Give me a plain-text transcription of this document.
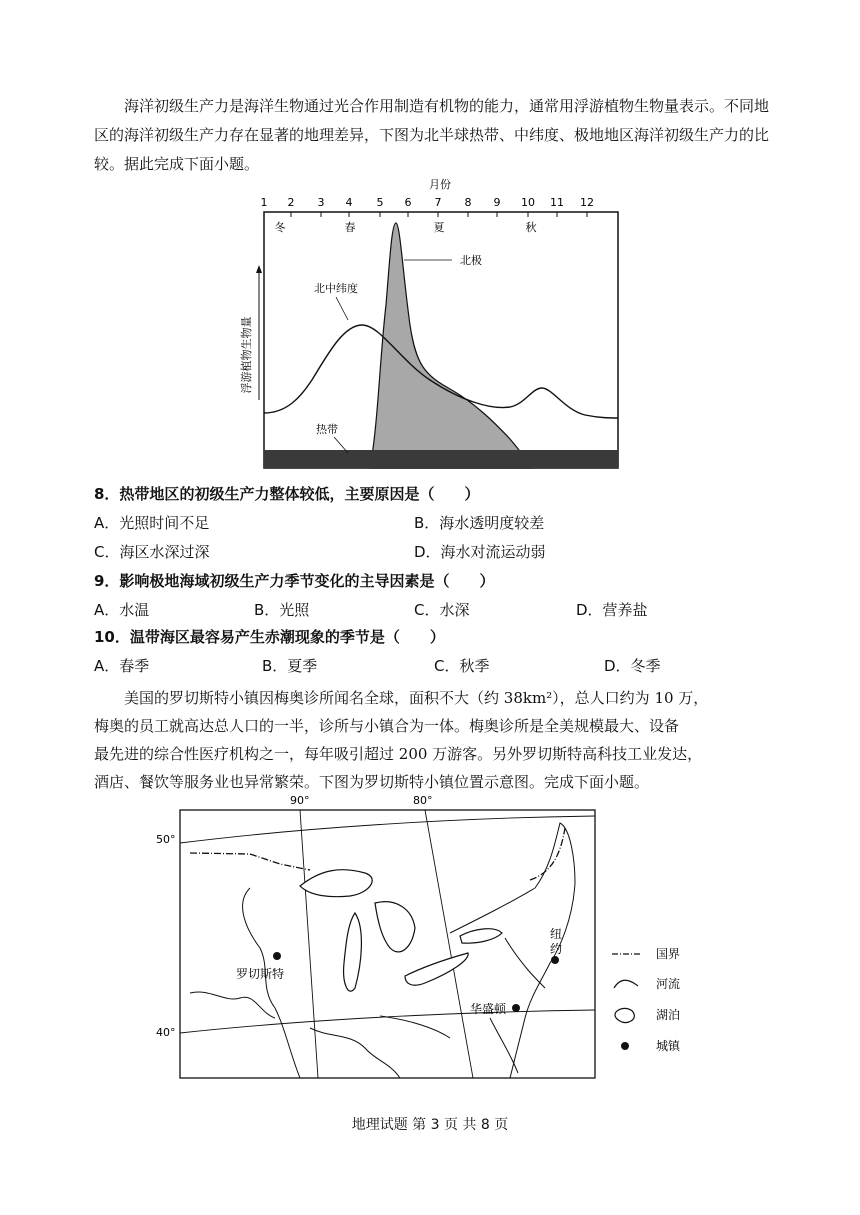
海洋初级生产力是海洋生物通过光合作用制造有机物的能力，通常用浮游植物生物量表示。不同地区的海洋初级生产力存在显著的地理差异，下图为北半球热带、中纬度、极地地区海洋初级生产力的比较。据此完成下面小题。

月份
1 2 3 4 5 6 7 8 9 10 11 12
冬	春	夏	秋
浮游植物生物量
北极
北中纬度
热带
8．热带地区的初级生产力整体较低，主要原因是（　　）
A．光照时间不足	B．海水透明度较差
C．海区水深过深	D．海水对流运动弱
9．影响极地海域初级生产力季节变化的主导因素是（　　）
A．水温	B．光照	C．水深	D．营养盐
10．温带海区最容易产生赤潮现象的季节是（　　）
A．春季	B．夏季	C．秋季	D．冬季
美国的罗切斯特小镇因梅奥诊所闻名全球，面积不大（约 38km²），总人口约为 10 万，
梅奥的员工就高达总人口的一半，诊所与小镇合为一体。梅奥诊所是全美规模最大、设备
最先进的综合性医疗机构之一，每年吸引超过 200 万游客。另外罗切斯特高科技工业发达，
酒店、餐饮等服务业也异常繁荣。下图为罗切斯特小镇位置示意图。完成下面小题。
90°	80°
50°
40°
罗切斯特
纽
约
华盛顿
国界
河流
湖泊
城镇
地理试题 第 3 页 共 8 页
